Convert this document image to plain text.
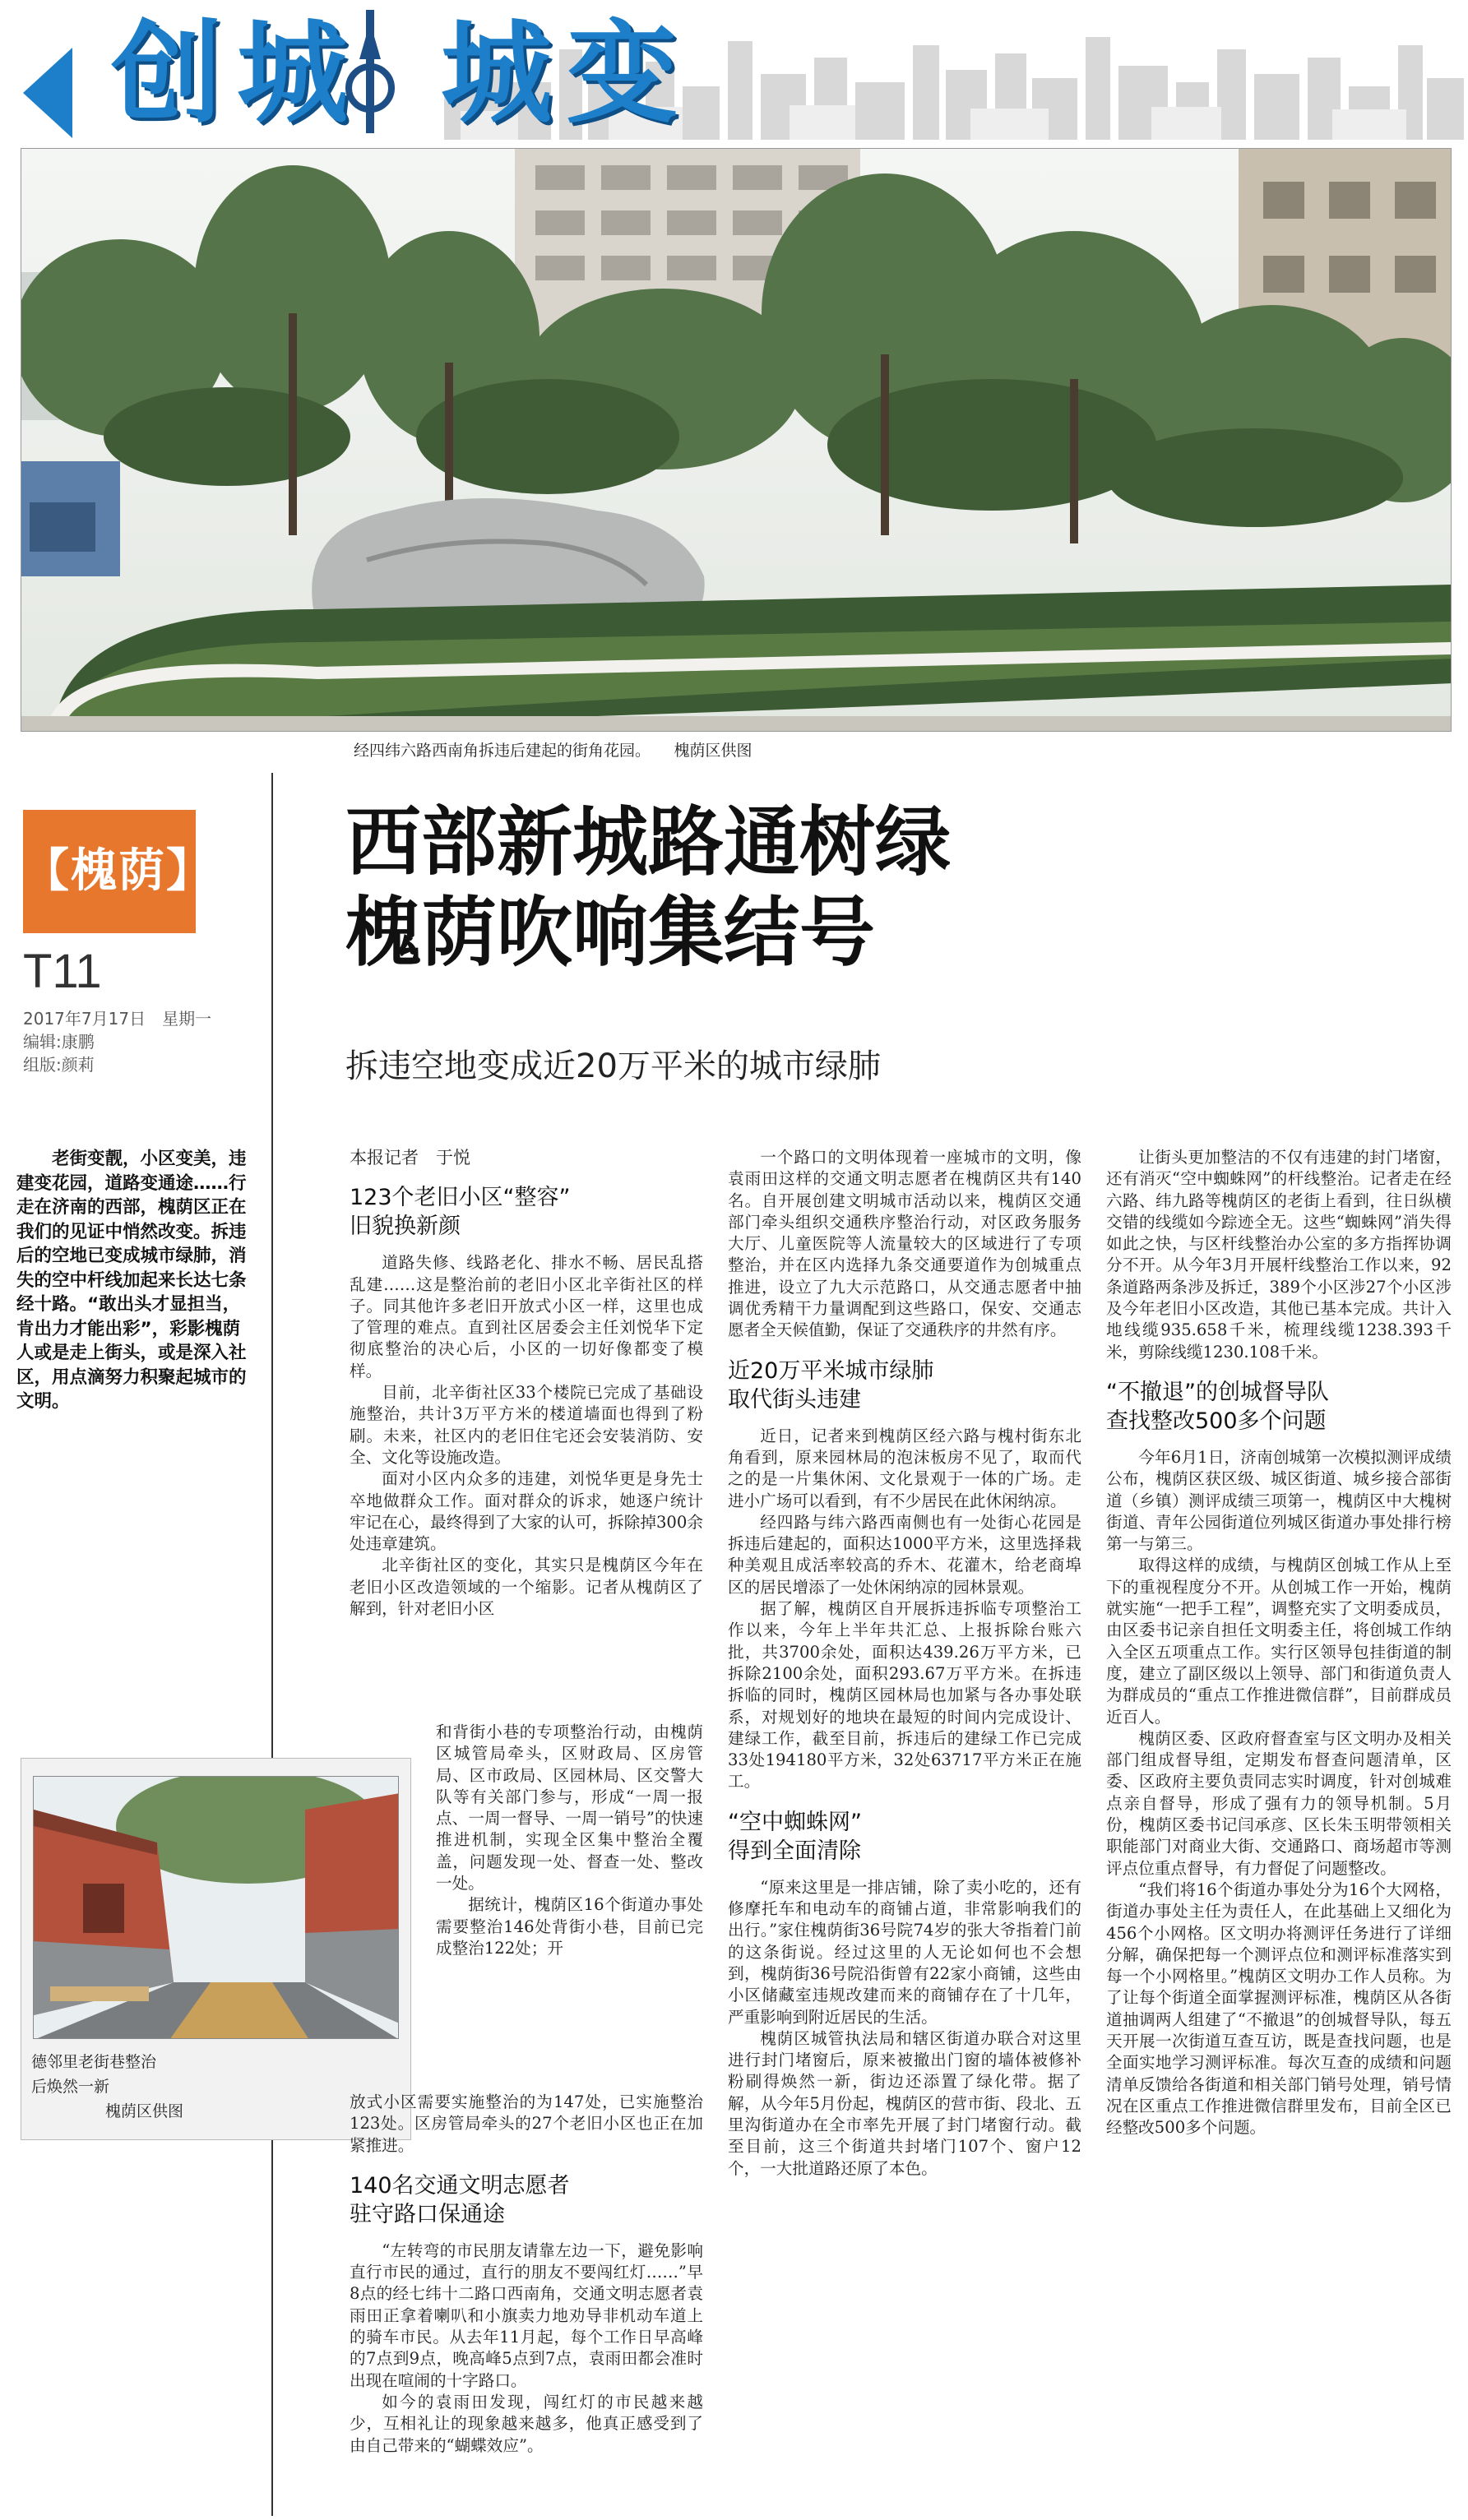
创城 城变
经四纬六路西南角拆违后建起的街角花园。　　槐荫区供图
【槐荫】
T11
2017年7月17日　星期一
编辑:康鹏
组版:颜莉

老街变靓，小区变美，违建变花园，道路变通途……行走在济南的西部，槐荫区正在我们的见证中悄然改变。拆违后的空地已变成城市绿肺，消失的空中杆线加起来长达七条经十路。“敢出头才显担当，肯出力才能出彩”，彩影槐荫人或是走上街头，或是深入社区，用点滴努力积聚起城市的文明。

西部新城路通树绿
槐荫吹响集结号
拆违空地变成近20万平米的城市绿肺
德邻里老街巷整治
后焕然一新
槐荫区供图
本报记者　于悦
123个老旧小区“整容”
旧貌换新颜

道路失修、线路老化、排水不畅、居民乱搭乱建……这是整治前的老旧小区北辛街社区的样子。同其他许多老旧开放式小区一样，这里也成了管理的难点。直到社区居委会主任刘悦华下定彻底整治的决心后，小区的一切好像都变了模样。

目前，北辛街社区33个楼院已完成了基础设施整治，共计3万平方米的楼道墙面也得到了粉刷。未来，社区内的老旧住宅还会安装消防、安全、文化等设施改造。

面对小区内众多的违建，刘悦华更是身先士卒地做群众工作。面对群众的诉求，她逐户统计牢记在心，最终得到了大家的认可，拆除掉300余处违章建筑。

北辛街社区的变化，其实只是槐荫区今年在老旧小区改造领域的一个缩影。记者从槐荫区了解到，针对老旧小区

和背街小巷的专项整治行动，由槐荫区城管局牵头，区财政局、区房管局、区市政局、区园林局、区交警大队等有关部门参与，形成“一周一报点、一周一督导、一周一销号”的快速推进机制，实现全区集中整治全覆盖，问题发现一处、督查一处、整改一处。

据统计，槐荫区16个街道办事处需要整治146处背街小巷，目前已完成整治122处；开

放式小区需要实施整治的为147处，已实施整治123处。区房管局牵头的27个老旧小区也正在加紧推进。

140名交通文明志愿者
驻守路口保通途

“左转弯的市民朋友请靠左边一下，避免影响直行市民的通过，直行的朋友不要闯红灯……”早8点的经七纬十二路口西南角，交通文明志愿者袁雨田正拿着喇叭和小旗卖力地劝导非机动车道上的骑车市民。从去年11月起，每个工作日早高峰的7点到9点，晚高峰5点到7点，袁雨田都会准时出现在喧闹的十字路口。

如今的袁雨田发现，闯红灯的市民越来越少，互相礼让的现象越来越多，他真正感受到了由自己带来的“蝴蝶效应”。

一个路口的文明体现着一座城市的文明，像袁雨田这样的交通文明志愿者在槐荫区共有140名。自开展创建文明城市活动以来，槐荫区交通部门牵头组织交通秩序整治行动，对区政务服务大厅、儿童医院等人流量较大的区域进行了专项整治，并在区内选择九条交通要道作为创城重点推进，设立了九大示范路口，从交通志愿者中抽调优秀精干力量调配到这些路口，保安、交通志愿者全天候值勤，保证了交通秩序的井然有序。

近20万平米城市绿肺
取代街头违建

近日，记者来到槐荫区经六路与槐村街东北角看到，原来园林局的泡沫板房不见了，取而代之的是一片集休闲、文化景观于一体的广场。走进小广场可以看到，有不少居民在此休闲纳凉。

经四路与纬六路西南侧也有一处街心花园是拆违后建起的，面积达1000平方米，这里选择栽种美观且成活率较高的乔木、花灌木，给老商埠区的居民增添了一处休闲纳凉的园林景观。

据了解，槐荫区自开展拆违拆临专项整治工作以来，今年上半年共汇总、上报拆除台账六批，共3700余处，面积达439.26万平方米，已拆除2100余处，面积293.67万平方米。在拆违拆临的同时，槐荫区园林局也加紧与各办事处联系，对规划好的地块在最短的时间内完成设计、建绿工作，截至目前，拆违后的建绿工作已完成33处194180平方米，32处63717平方米正在施工。

“空中蜘蛛网”
得到全面清除

“原来这里是一排店铺，除了卖小吃的，还有修摩托车和电动车的商铺占道，非常影响我们的出行。”家住槐荫街36号院74岁的张大爷指着门前的这条街说。经过这里的人无论如何也不会想到，槐荫街36号院沿街曾有22家小商铺，这些由小区储藏室违规改建而来的商铺存在了十几年，严重影响到附近居民的生活。

槐荫区城管执法局和辖区街道办联合对这里进行封门堵窗后，原来被撤出门窗的墙体被修补粉刷得焕然一新，街边还添置了绿化带。据了解，从今年5月份起，槐荫区的营市街、段北、五里沟街道办在全市率先开展了封门堵窗行动。截至目前，这三个街道共封堵门107个、窗户12个，一大批道路还原了本色。

让街头更加整洁的不仅有违建的封门堵窗，还有消灭“空中蜘蛛网”的杆线整治。记者走在经六路、纬九路等槐荫区的老街上看到，往日纵横交错的线缆如今踪迹全无。这些“蜘蛛网”消失得如此之快，与区杆线整治办公室的多方指挥协调分不开。从今年3月开展杆线整治工作以来，92条道路两条涉及拆迁，389个小区涉27个小区涉及今年老旧小区改造，其他已基本完成。共计入地线缆935.658千米，梳理线缆1238.393千米，剪除线缆1230.108千米。

“不撤退”的创城督导队
查找整改500多个问题

今年6月1日，济南创城第一次模拟测评成绩公布，槐荫区获区级、城区街道、城乡接合部街道（乡镇）测评成绩三项第一，槐荫区中大槐树街道、青年公园街道位列城区街道办事处排行榜第一与第三。

取得这样的成绩，与槐荫区创城工作从上至下的重视程度分不开。从创城工作一开始，槐荫就实施“一把手工程”，调整充实了文明委成员，由区委书记亲自担任文明委主任，将创城工作纳入全区五项重点工作。实行区领导包挂街道的制度，建立了副区级以上领导、部门和街道负责人为群成员的“重点工作推进微信群”，目前群成员近百人。

槐荫区委、区政府督查室与区文明办及相关部门组成督导组，定期发布督查问题清单，区委、区政府主要负责同志实时调度，针对创城难点亲自督导，形成了强有力的领导机制。5月份，槐荫区委书记闫承彦、区长朱玉明带领相关职能部门对商业大街、交通路口、商场超市等测评点位重点督导，有力督促了问题整改。

“我们将16个街道办事处分为16个大网格，街道办事处主任为责任人，在此基础上又细化为456个小网格。区文明办将测评任务进行了详细分解，确保把每一个测评点位和测评标准落实到每一个小网格里。”槐荫区文明办工作人员称。为了让每个街道全面掌握测评标准，槐荫区从各街道抽调两人组建了“不撤退”的创城督导队，每五天开展一次街道互查互访，既是查找问题，也是全面实地学习测评标准。每次互查的成绩和问题清单反馈给各街道和相关部门销号处理，销号情况在区重点工作推进微信群里发布，目前全区已经整改500多个问题。
